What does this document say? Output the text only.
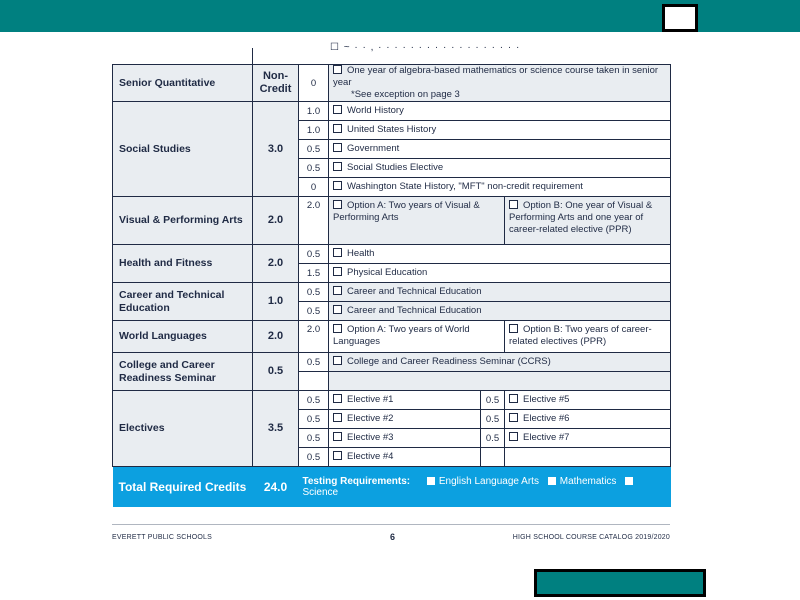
☐ ~ · · , · · · · · · · · · · · · · · · · · ·
Senior Quantitative	Non-Credit	0	One year of algebra-based mathematics or science course taken in senior year
*See exception on page 3		

Social Studies	3.0	1.0	World History		
		1.0	United States History		
		0.5	Government		
		0.5	Social Studies Elective		
		0	Washington State History, "MFT" non-credit requirement		
Visual & Performing Arts	2.0	2.0	Option A: Two years of Visual & Performing Arts		Option B: One year of Visual & Performing Arts and one year of career-related elective (PPR)
Health and Fitness	2.0	0.5	Health		
		1.5	Physical Education		
Career and Technical Education	1.0	0.5	Career and Technical Education		
		0.5	Career and Technical Education		
World Languages	2.0	2.0	Option A: Two years of World Languages		Option B: Two years of career-related electives (PPR)
College and Career Readiness Seminar	0.5	0.5	College and Career Readiness Seminar (CCRS)		

Electives	3.5	0.5	Elective #1	0.5	Elective #5
		0.5	Elective #2	0.5	Elective #6
		0.5	Elective #3	0.5	Elective #7
		0.5	Elective #4		
Total Required Credits	24.0	Testing Requirements: English Language Arts Mathematics Science			
EVERETT PUBLIC SCHOOLS	6	HIGH SCHOOL COURSE CATALOG 2019/2020
